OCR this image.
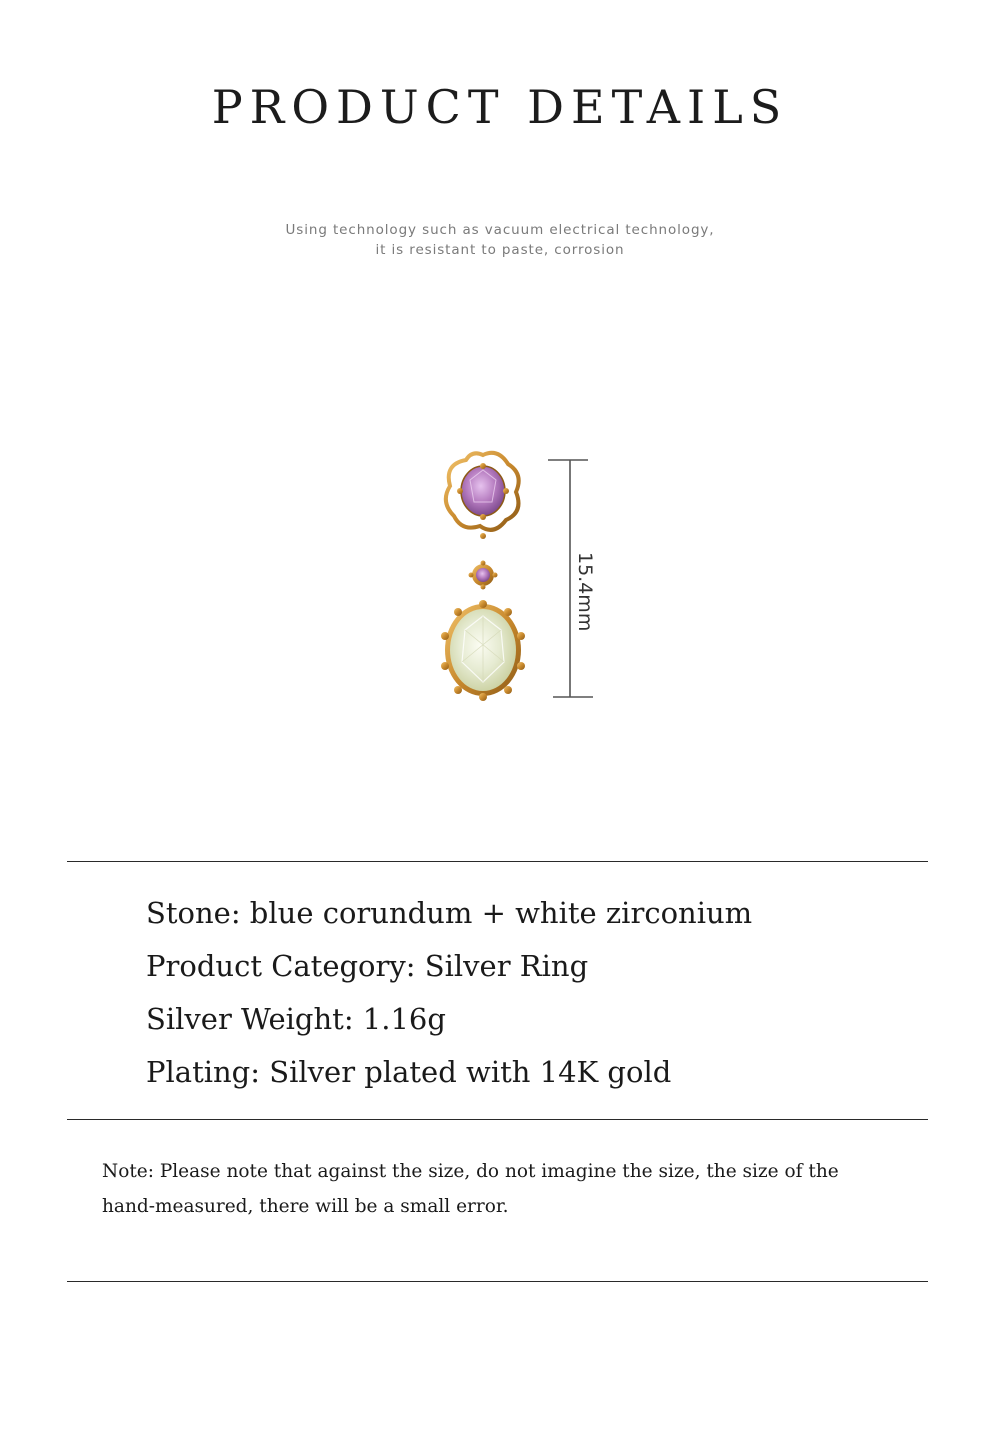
PRODUCT DETAILS
Using technology such as vacuum electrical technology,
it is resistant to paste, corrosion
15.4mm
Stone: blue corundum + white zirconium
Product Category: Silver Ring
Silver Weight: 1.16g
Plating: Silver plated with 14K gold
Note: Please note that against the size, do not imagine the size, the size of the
hand-measured, there will be a small error.
